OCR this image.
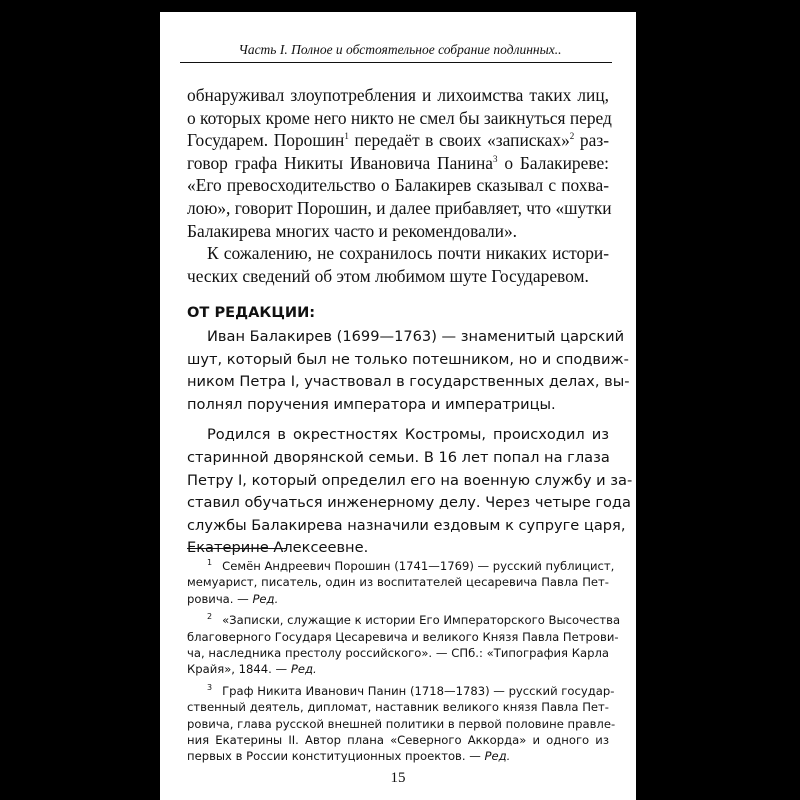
Часть I. Полное и обстоятельное собрание подлинных..
обнаруживал злоупотребления и лихоимства таких лиц,
о которых кроме него никто не смел бы заикнуться перед
Государем. Порошин$^1$ передаёт в своих «записках»$^2$ раз-
говор графа Никиты Ивановича Панина$^3$ о Балакиреве:
«Его превосходительство о Балакирев сказывал с похва-
лою», говорит Порошин, и далее прибавляет, что «шутки
Балакирева многих часто и рекомендовали».
К сожалению, не сохранилось почти никаких истори-
ческих сведений об этом любимом шуте Государевом.
ОТ РЕДАКЦИИ:
Иван Балакирев (1699—1763) — знаменитый царский
шут, который был не только потешником, но и сподвиж-
ником Петра I, участвовал в государственных делах, вы-
полнял поручения императора и императрицы.
Родился в окрестностях Костромы, происходил из
старинной дворянской семьи. В 16 лет попал на глаза
Петру I, который определил его на военную службу и за-
ставил обучаться инженерному делу. Через четыре года
службы Балакирева назначили ездовым к супруге царя,
Екатерине Алексеевне.
$^1$ Семён Андреевич Порошин (1741—1769) — русский публицист,
мемуарист, писатель, один из воспитателей цесаревича Павла Пет-
ровича. — Ред.
$^2$ «Записки, служащие к истории Его Императорского Высочества
благоверного Государя Цесаревича и великого Князя Павла Петрови-
ча, наследника престолу российского». — СПб.: «Типография Карла
Крайя», 1844. — Ред.
$^3$ Граф Никита Иванович Панин (1718—1783) — русский государ-
ственный деятель, дипломат, наставник великого князя Павла Пет-
ровича, глава русской внешней политики в первой половине правле-
ния Екатерины II. Автор плана «Северного Аккорда» и одного из
первых в России конституционных проектов. — Ред.
15
